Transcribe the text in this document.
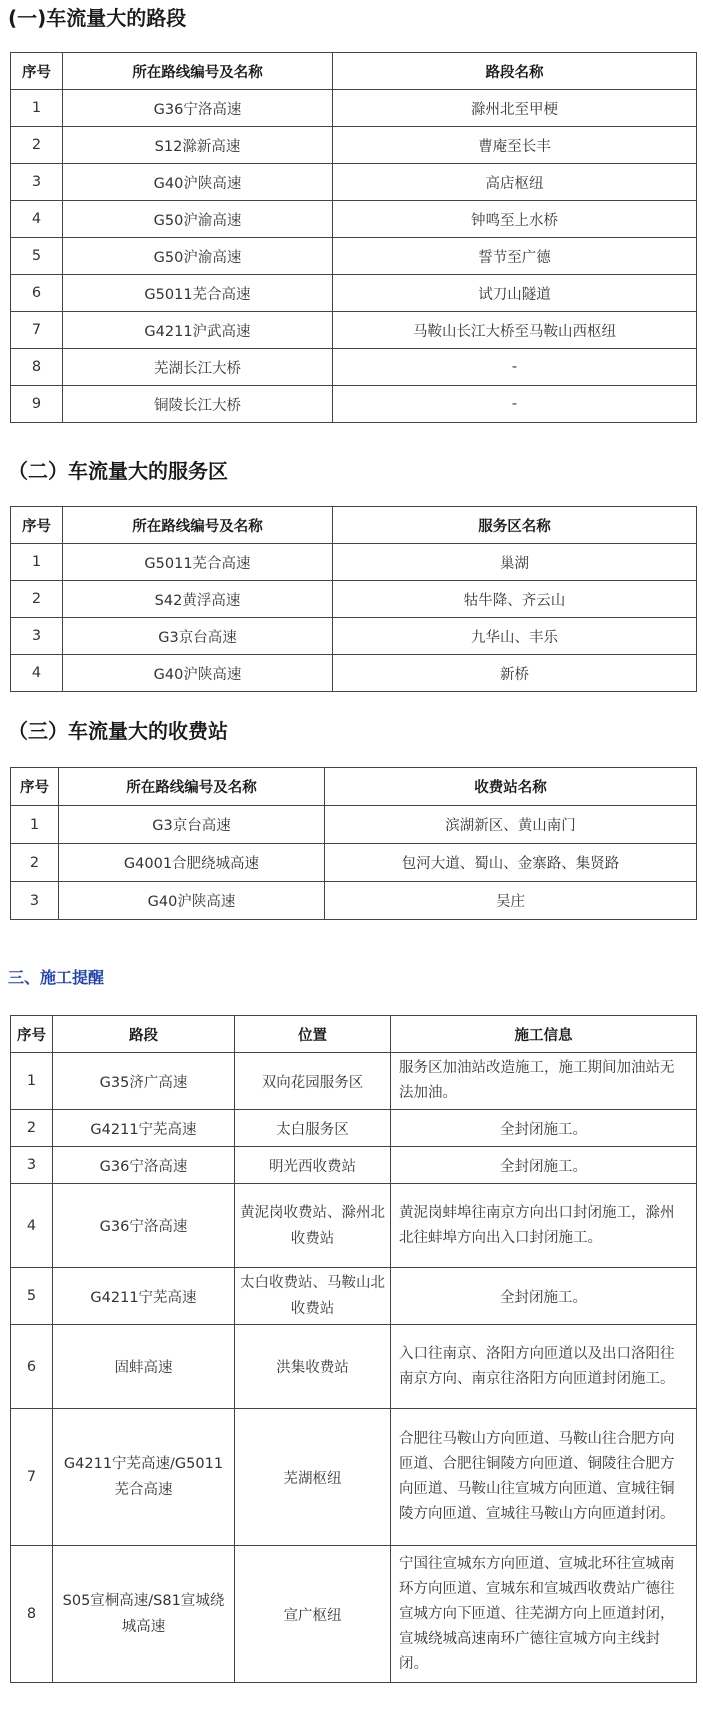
(一)车流量大的路段
序号	所在路线编号及名称	路段名称
1	G36宁洛高速	滁州北至甲梗
2	S12滁新高速	曹庵至长丰
3	G40沪陕高速	高店枢纽
4	G50沪渝高速	钟鸣至上水桥
5	G50沪渝高速	誓节至广德
6	G5011芜合高速	试刀山隧道
7	G4211沪武高速	马鞍山长江大桥至马鞍山西枢纽
8	芜湖长江大桥	-
9	铜陵长江大桥	-
（二）车流量大的服务区
序号	所在路线编号及名称	服务区名称
1	G5011芜合高速	巢湖
2	S42黄浮高速	牯牛降、齐云山
3	G3京台高速	九华山、丰乐
4	G40沪陕高速	新桥
（三）车流量大的收费站
序号	所在路线编号及名称	收费站名称
1	G3京台高速	滨湖新区、黄山南门
2	G4001合肥绕城高速	包河大道、蜀山、金寨路、集贤路
3	G40沪陕高速	吴庄
三、施工提醒
序号	路段	位置	施工信息
1	G35济广高速	双向花园服务区	服务区加油站改造施工，施工期间加油站无法加油。
2	G4211宁芜高速	太白服务区	全封闭施工。
3	G36宁洛高速	明光西收费站	全封闭施工。
4	G36宁洛高速	黄泥岗收费站、滁州北收费站	黄泥岗蚌埠往南京方向出口封闭施工，滁州北往蚌埠方向出入口封闭施工。
5	G4211宁芜高速	太白收费站、马鞍山北收费站	全封闭施工。
6	固蚌高速	洪集收费站	入口往南京、洛阳方向匝道以及出口洛阳往南京方向、南京往洛阳方向匝道封闭施工。
7	G4211宁芜高速/G5011芜合高速	芜湖枢纽	合肥往马鞍山方向匝道、马鞍山往合肥方向匝道、合肥往铜陵方向匝道、铜陵往合肥方向匝道、马鞍山往宣城方向匝道、宣城往铜陵方向匝道、宣城往马鞍山方向匝道封闭。
8	S05宣桐高速/S81宣城绕城高速	宣广枢纽	宁国往宣城东方向匝道、宣城北环往宣城南环方向匝道、宣城东和宣城西收费站广德往宣城方向下匝道、往芜湖方向上匝道封闭，宣城绕城高速南环广德往宣城方向主线封闭。
